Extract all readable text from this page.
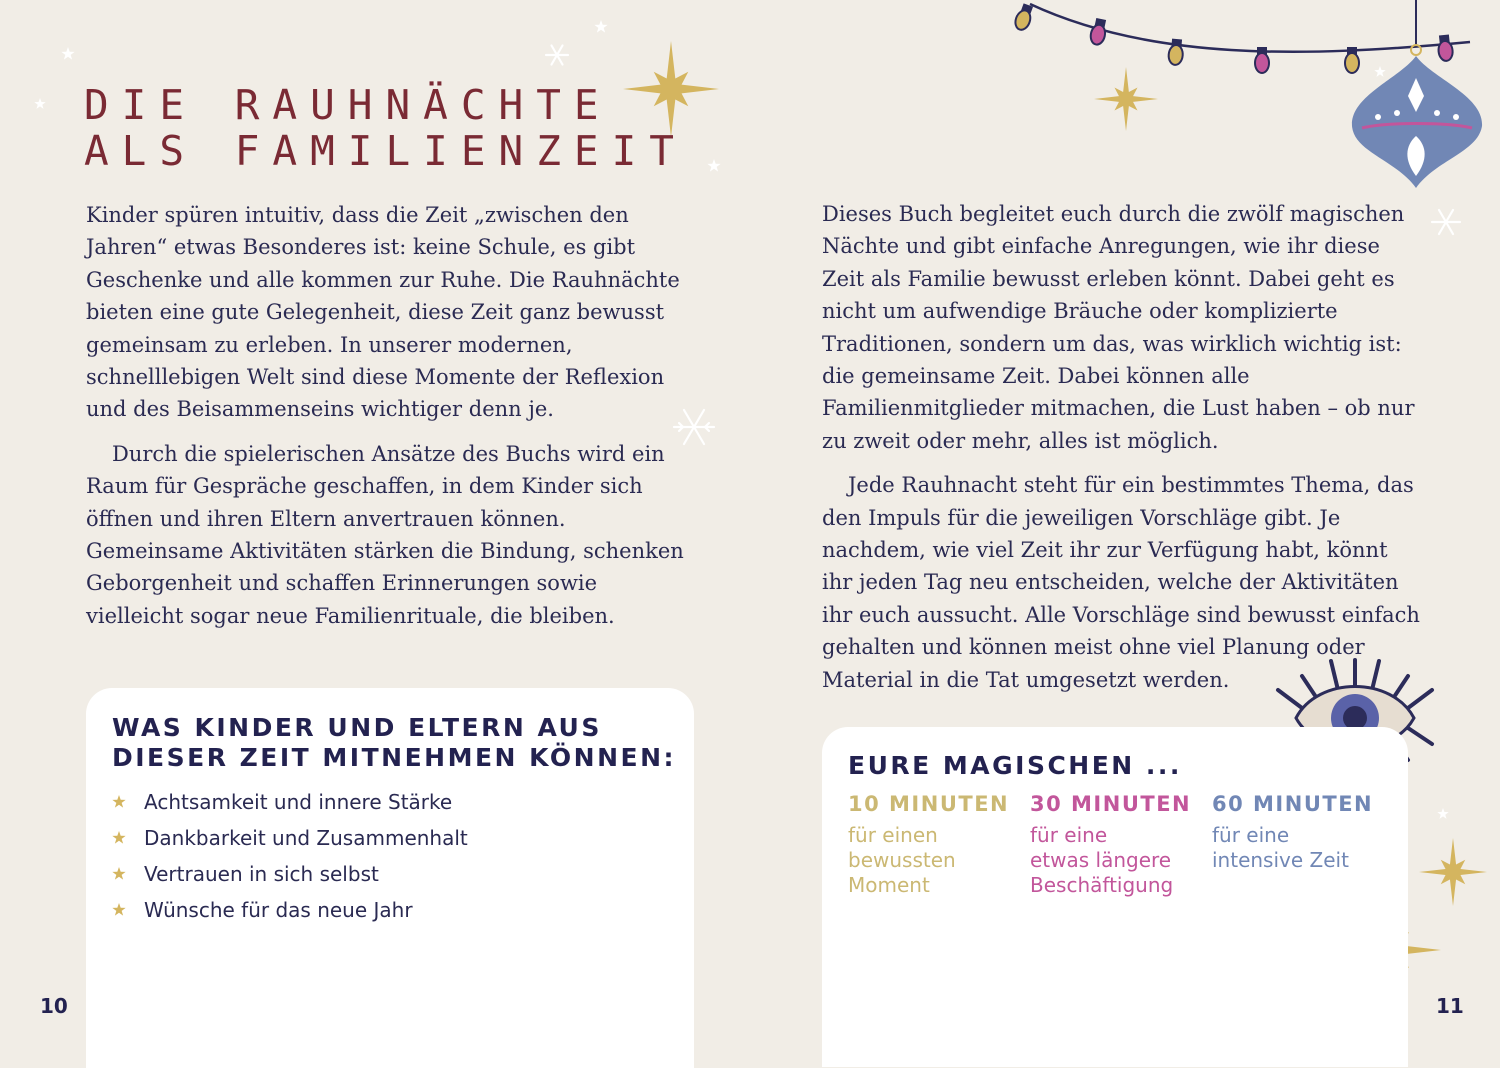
DIE RAUHNÄCHTE
ALS FAMILIENZEIT

Kinder spüren intuitiv, dass die Zeit „zwischen den Jahren“ etwas Besonderes ist: keine Schule, es gibt Geschenke und alle kommen zur Ruhe. Die Rauhnächte bieten eine gute Gelegenheit, diese Zeit ganz bewusst gemeinsam zu erleben. In unserer modernen, schnelllebigen Welt sind diese Momente der Reflexion und des Beisammenseins wichtiger denn je.

Durch die spielerischen Ansätze des Buchs wird ein Raum für Gespräche geschaffen, in dem Kinder sich öffnen und ihren Eltern anvertrauen können. Gemeinsame Aktivitäten stärken die Bindung, schenken Geborgenheit und schaffen Erinnerungen sowie vielleicht sogar neue Familienrituale, die bleiben.

Dieses Buch begleitet euch durch die zwölf magischen Nächte und gibt einfache Anregungen, wie ihr diese Zeit als Familie bewusst erleben könnt. Dabei geht es nicht um aufwendige Bräuche oder komplizierte Traditionen, sondern um das, was wirklich wichtig ist: die gemeinsame Zeit. Dabei können alle Familienmitglieder mitmachen, die Lust haben – ob nur zu zweit oder mehr, alles ist möglich.

Jede Rauhnacht steht für ein bestimmtes Thema, das den Impuls für die jeweiligen Vorschläge gibt. Je nachdem, wie viel Zeit ihr zur Verfügung habt, könnt ihr jeden Tag neu entscheiden, welche der Aktivitäten ihr euch aussucht. Alle Vorschläge sind bewusst einfach gehalten und können meist ohne viel Planung oder Material in die Tat umgesetzt werden.

WAS KINDER UND ELTERN AUS
DIESER ZEIT MITNEHMEN KÖNNEN:
Achtsamkeit und innere Stärke
Dankbarkeit und Zusammenhalt
Vertrauen in sich selbst
Wünsche für das neue Jahr
EURE MAGISCHEN ...
10 MINUTEN
für einen
bewussten
Moment
30 MINUTEN
für eine
etwas längere
Beschäftigung
60 MINUTEN
für eine
intensive Zeit
10	11
